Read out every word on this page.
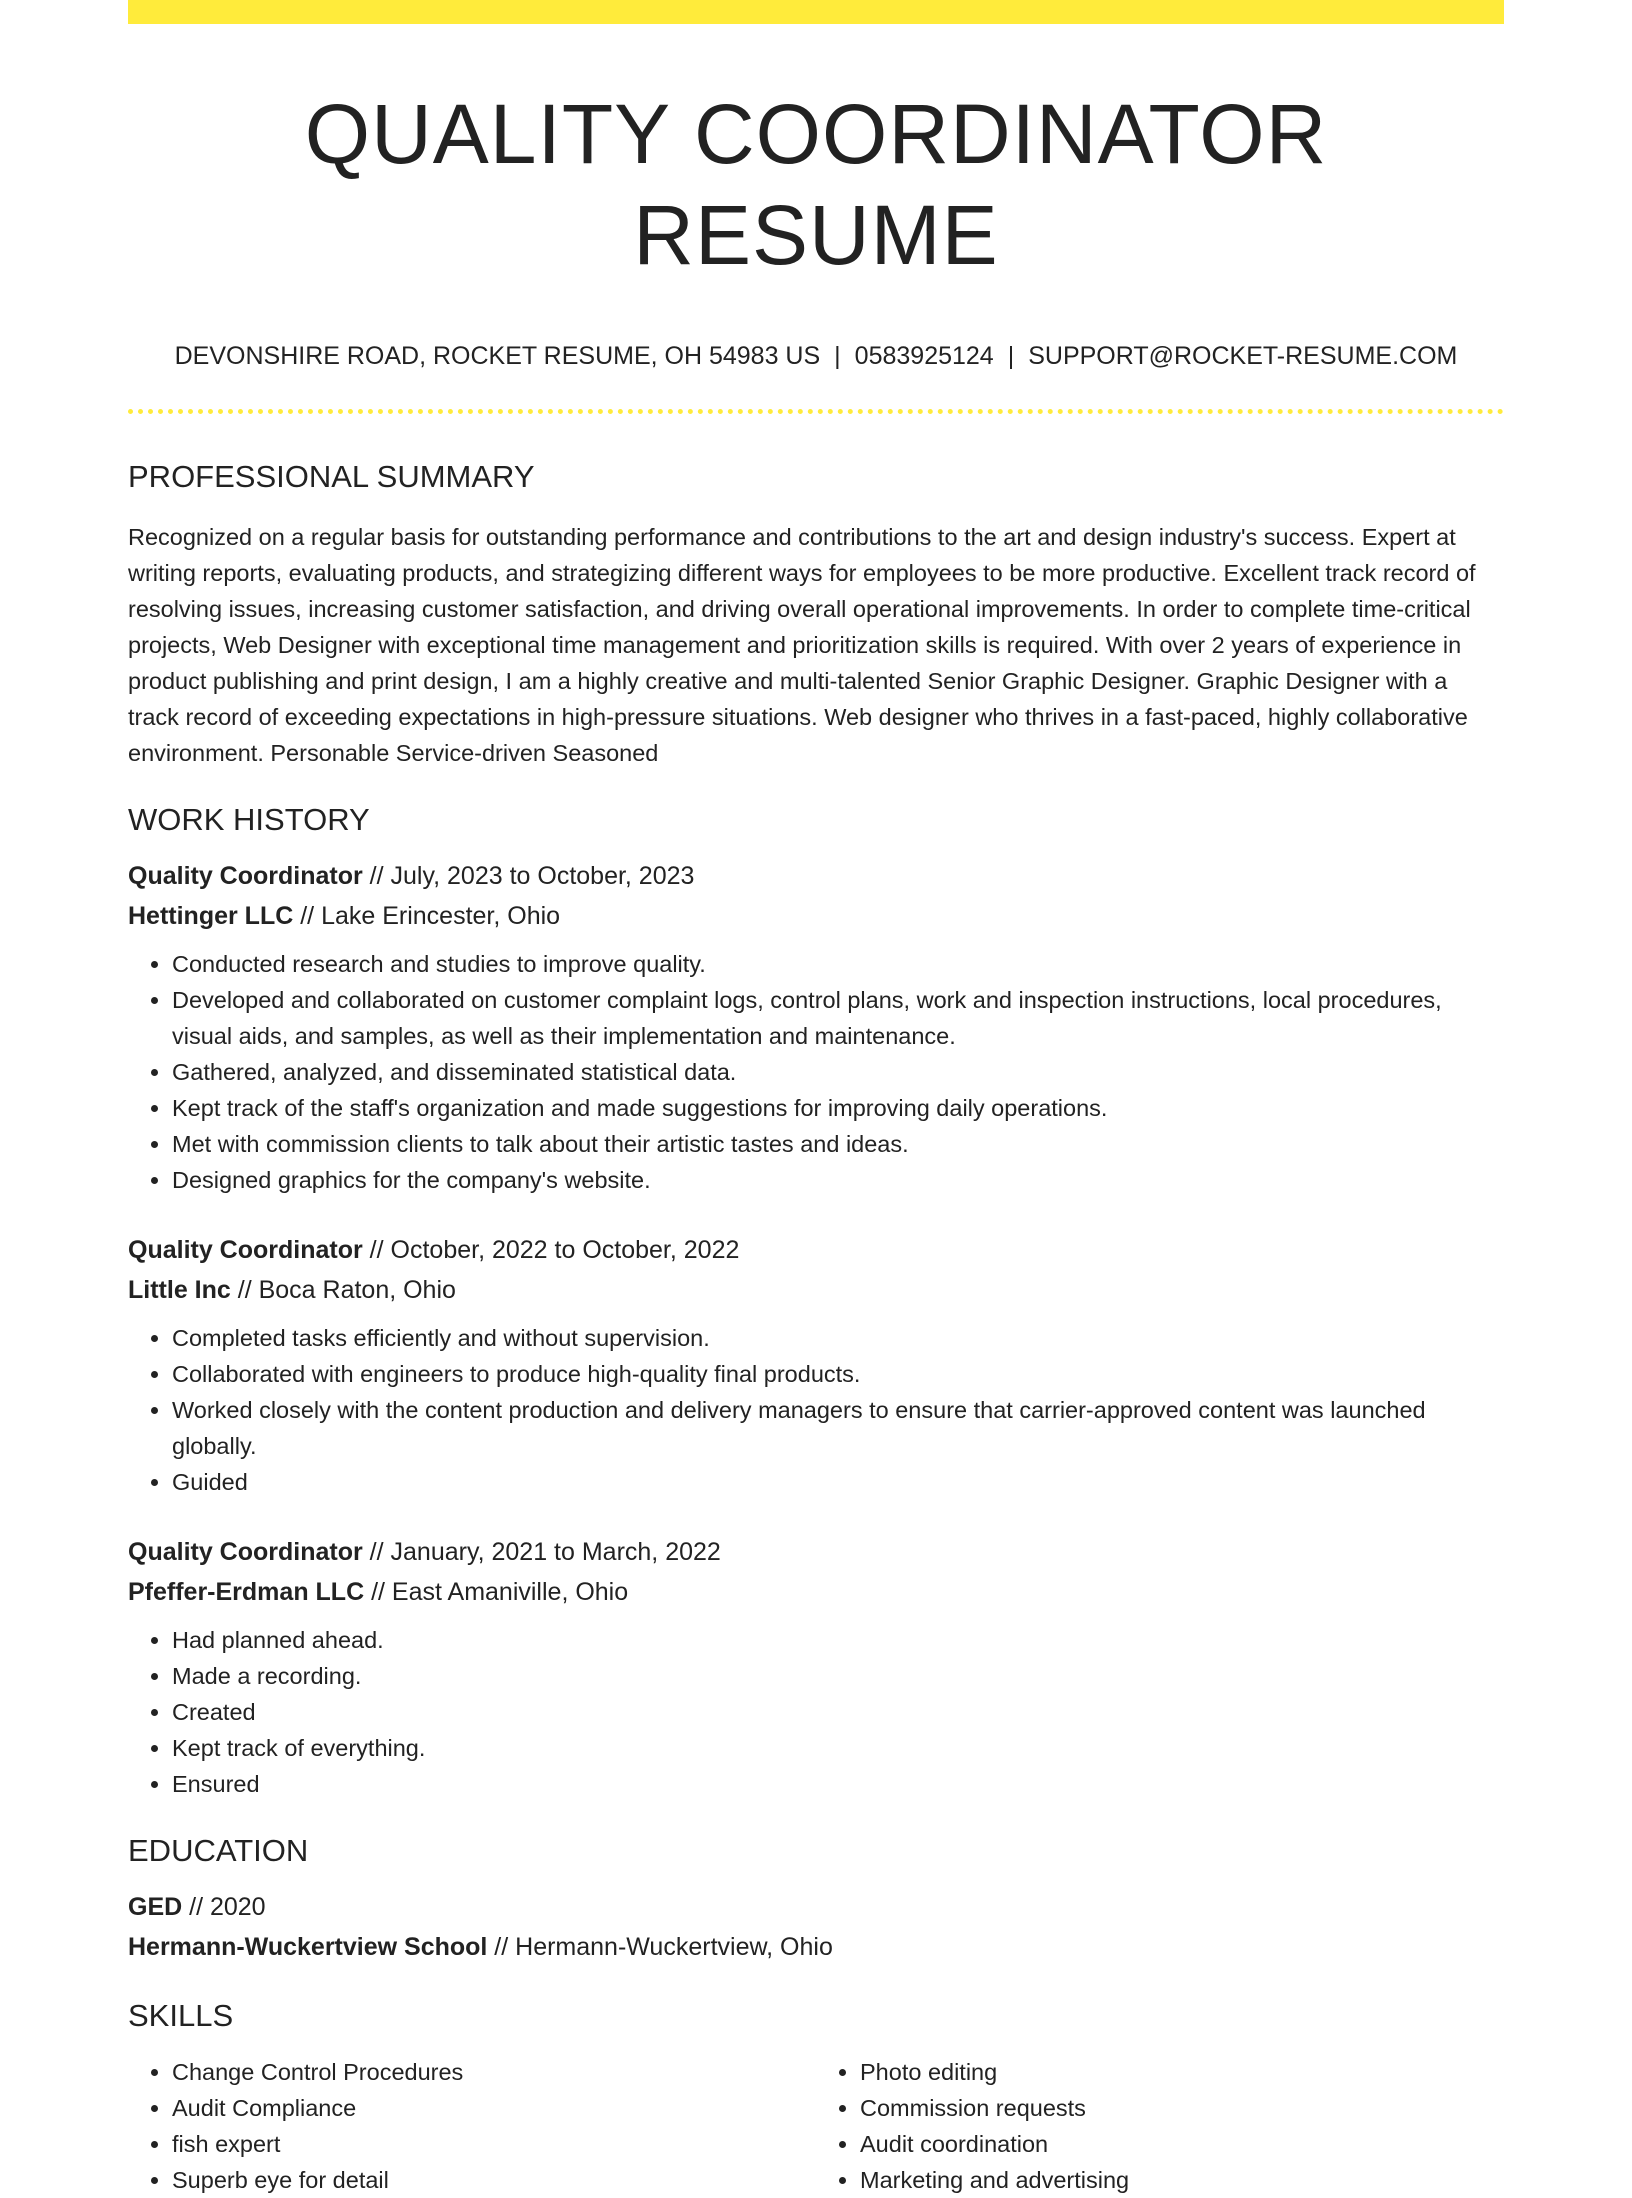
QUALITY COORDINATOR RESUME
DEVONSHIRE ROAD, ROCKET RESUME, OH 54983 US | 0583925124 | SUPPORT@ROCKET-RESUME.COM
PROFESSIONAL SUMMARY
Recognized on a regular basis for outstanding performance and contributions to the art and design industry's success. Expert at writing reports, evaluating products, and strategizing different ways for employees to be more productive. Excellent track record of resolving issues, increasing customer satisfaction, and driving overall operational improvements. In order to complete time-critical projects, Web Designer with exceptional time management and prioritization skills is required. With over 2 years of experience in product publishing and print design, I am a highly creative and multi-talented Senior Graphic Designer. Graphic Designer with a track record of exceeding expectations in high-pressure situations. Web designer who thrives in a fast-paced, highly collaborative environment. Personable Service-driven Seasoned
WORK HISTORY
Quality Coordinator // July, 2023 to October, 2023
Hettinger LLC // Lake Erincester, Ohio
• Conducted research and studies to improve quality.
• Developed and collaborated on customer complaint logs, control plans, work and inspection instructions, local procedures, visual aids, and samples, as well as their implementation and maintenance.
• Gathered, analyzed, and disseminated statistical data.
• Kept track of the staff's organization and made suggestions for improving daily operations.
• Met with commission clients to talk about their artistic tastes and ideas.
• Designed graphics for the company's website.
Quality Coordinator // October, 2022 to October, 2022
Little Inc // Boca Raton, Ohio
• Completed tasks efficiently and without supervision.
• Collaborated with engineers to produce high-quality final products.
• Worked closely with the content production and delivery managers to ensure that carrier-approved content was launched globally.
• Guided
Quality Coordinator // January, 2021 to March, 2022
Pfeffer-Erdman LLC // East Amaniville, Ohio
• Had planned ahead.
• Made a recording.
• Created
• Kept track of everything.
• Ensured
EDUCATION
GED // 2020
Hermann-Wuckertview School // Hermann-Wuckertview, Ohio
SKILLS
• Change Control Procedures
• Audit Compliance
• fish expert
• Superb eye for detail
• Photo editing
• Commission requests
• Audit coordination
• Marketing and advertising
